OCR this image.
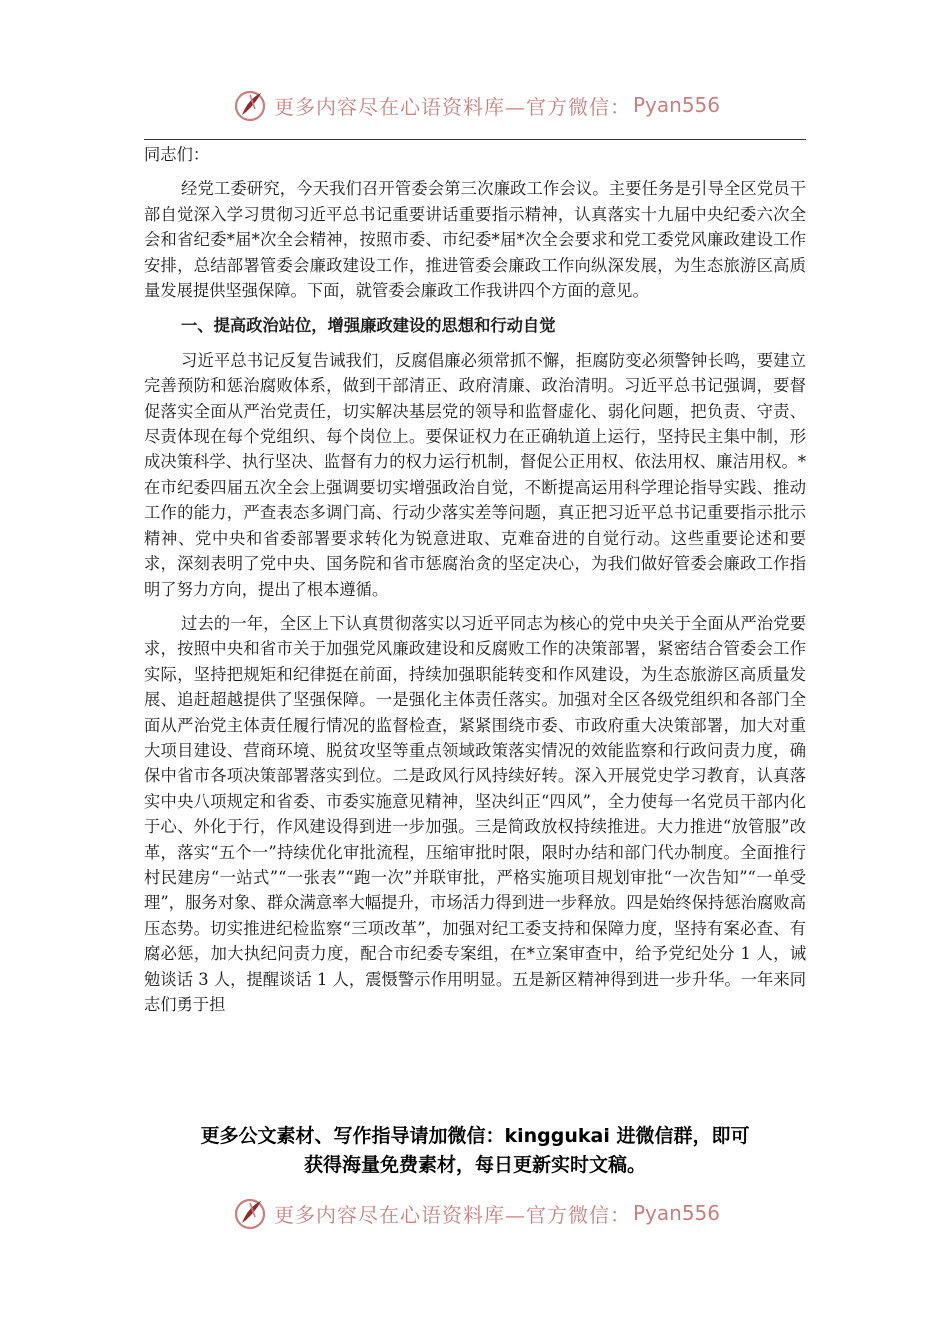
更多内容尽在心语资料库—官方微信： Pyan556

同志们：

经党工委研究，今天我们召开管委会第三次廉政工作会议。主要任务是引导全区党员干部自觉深入学习贯彻习近平总书记重要讲话重要指示精神，认真落实十九届中央纪委六次全会和省纪委*届*次全会精神，按照市委、市纪委*届*次全会要求和党工委党风廉政建设工作安排，总结部署管委会廉政建设工作，推进管委会廉政工作向纵深发展，为生态旅游区高质量发展提供坚强保障。下面，就管委会廉政工作我讲四个方面的意见。

一、提高政治站位，增强廉政建设的思想和行动自觉

习近平总书记反复告诫我们，反腐倡廉必须常抓不懈，拒腐防变必须警钟长鸣，要建立完善预防和惩治腐败体系，做到干部清正、政府清廉、政治清明。习近平总书记强调，要督促落实全面从严治党责任，切实解决基层党的领导和监督虚化、弱化问题，把负责、守责、尽责体现在每个党组织、每个岗位上。要保证权力在正确轨道上运行，坚持民主集中制，形成决策科学、执行坚决、监督有力的权力运行机制，督促公正用权、依法用权、廉洁用权。*在市纪委四届五次全会上强调要切实增强政治自觉，不断提高运用科学理论指导实践、推动工作的能力，严查表态多调门高、行动少落实差等问题，真正把习近平总书记重要指示批示精神、党中央和省委部署要求转化为锐意进取、克难奋进的自觉行动。这些重要论述和要求，深刻表明了党中央、国务院和省市惩腐治贪的坚定决心，为我们做好管委会廉政工作指明了努力方向，提出了根本遵循。

过去的一年，全区上下认真贯彻落实以习近平同志为核心的党中央关于全面从严治党要求，按照中央和省市关于加强党风廉政建设和反腐败工作的决策部署，紧密结合管委会工作实际，坚持把规矩和纪律挺在前面，持续加强职能转变和作风建设，为生态旅游区高质量发展、追赶超越提供了坚强保障。一是强化主体责任落实。加强对全区各级党组织和各部门全面从严治党主体责任履行情况的监督检查，紧紧围绕市委、市政府重大决策部署，加大对重大项目建设、营商环境、脱贫攻坚等重点领域政策落实情况的效能监察和行政问责力度，确保中省市各项决策部署落实到位。二是政风行风持续好转。深入开展党史学习教育，认真落实中央八项规定和省委、市委实施意见精神，坚决纠正“四风”，全力使每一名党员干部内化于心、外化于行，作风建设得到进一步加强。三是简政放权持续推进。大力推进“放管服”改革，落实“五个一”持续优化审批流程，压缩审批时限，限时办结和部门代办制度。全面推行村民建房“一站式”“一张表”“跑一次”并联审批，严格实施项目规划审批“一次告知”“一单受理”，服务对象、群众满意率大幅提升，市场活力得到进一步释放。四是始终保持惩治腐败高压态势。切实推进纪检监察“三项改革”，加强对纪工委支持和保障力度，坚持有案必查、有腐必惩，加大执纪问责力度，配合市纪委专案组，在*立案审查中，给予党纪处分 1 人，诫勉谈话 3 人，提醒谈话 1 人，震慑警示作用明显。五是新区精神得到进一步升华。一年来同志们勇于担

更多公文素材、写作指导请加微信：kinggukai 进微信群，即可
获得海量免费素材，每日更新实时文稿。
更多内容尽在心语资料库—官方微信： Pyan556
